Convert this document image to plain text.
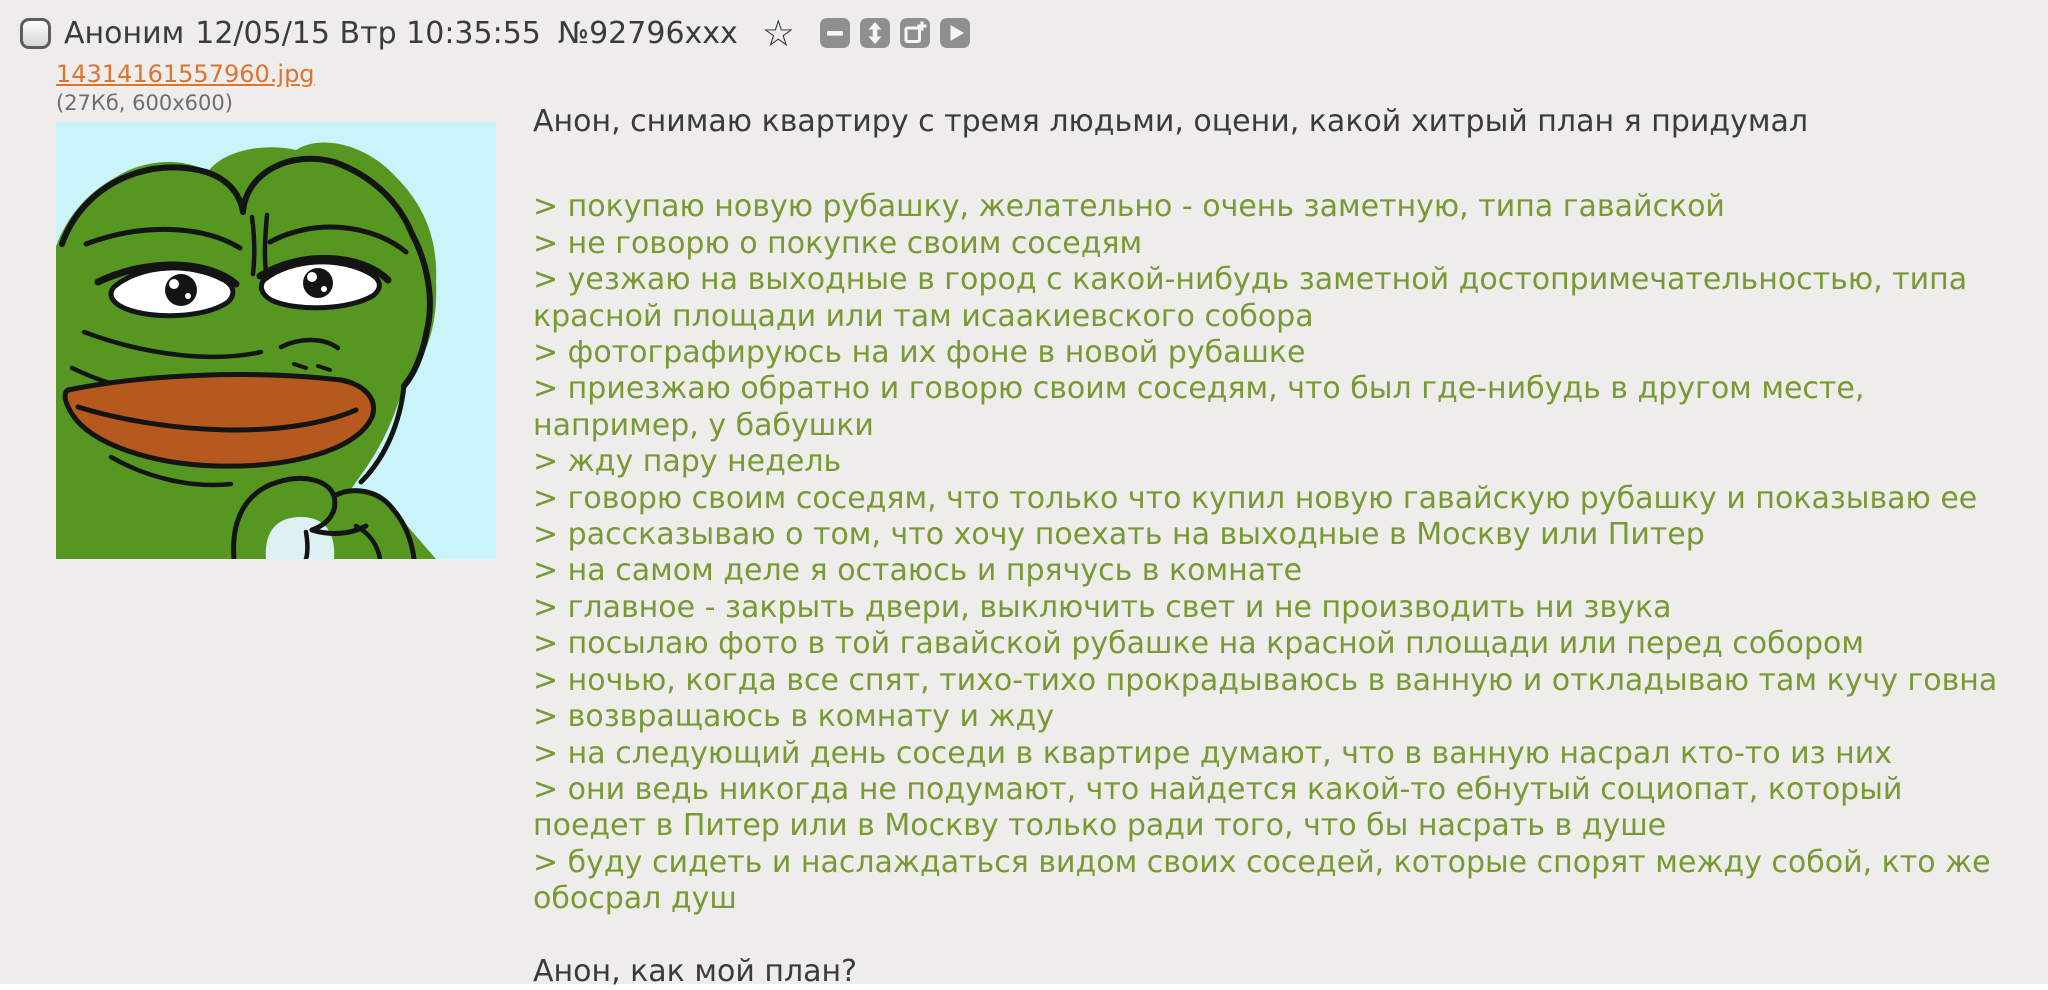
Аноним 12/05/15 Втр 10:35:55 №92796xxx ☆
14314161557960.jpg
(27Кб, 600x600)

Анон, снимаю квартиру с тремя людьми, оцени, какой хитрый план я придумал

> покупаю новую рубашку, желательно - очень заметную, типа гавайской
> не говорю о покупке своим соседям
> уезжаю на выходные в город с какой-нибудь заметной достопримечательностью, типа красной площади или там исаакиевского собора
> фотографируюсь на их фоне в новой рубашке
> приезжаю обратно и говорю своим соседям, что был где-нибудь в другом месте, например, у бабушки
> жду пару недель
> говорю своим соседям, что только что купил новую гавайскую рубашку и показываю ее
> рассказываю о том, что хочу поехать на выходные в Москву или Питер
> на самом деле я остаюсь и прячусь в комнате
> главное - закрыть двери, выключить свет и не производить ни звука
> посылаю фото в той гавайской рубашке на красной площади или перед собором
> ночью, когда все спят, тихо-тихо прокрадываюсь в ванную и откладываю там кучу говна
> возвращаюсь в комнату и жду
> на следующий день соседи в квартире думают, что в ванную насрал кто-то из них
> они ведь никогда не подумают, что найдется какой-то ебнутый социопат, который поедет в Питер или в Москву только ради того, что бы насрать в душе
> буду сидеть и наслаждаться видом своих соседей, которые спорят между собой, кто же обосрал душ

Анон, как мой план?
